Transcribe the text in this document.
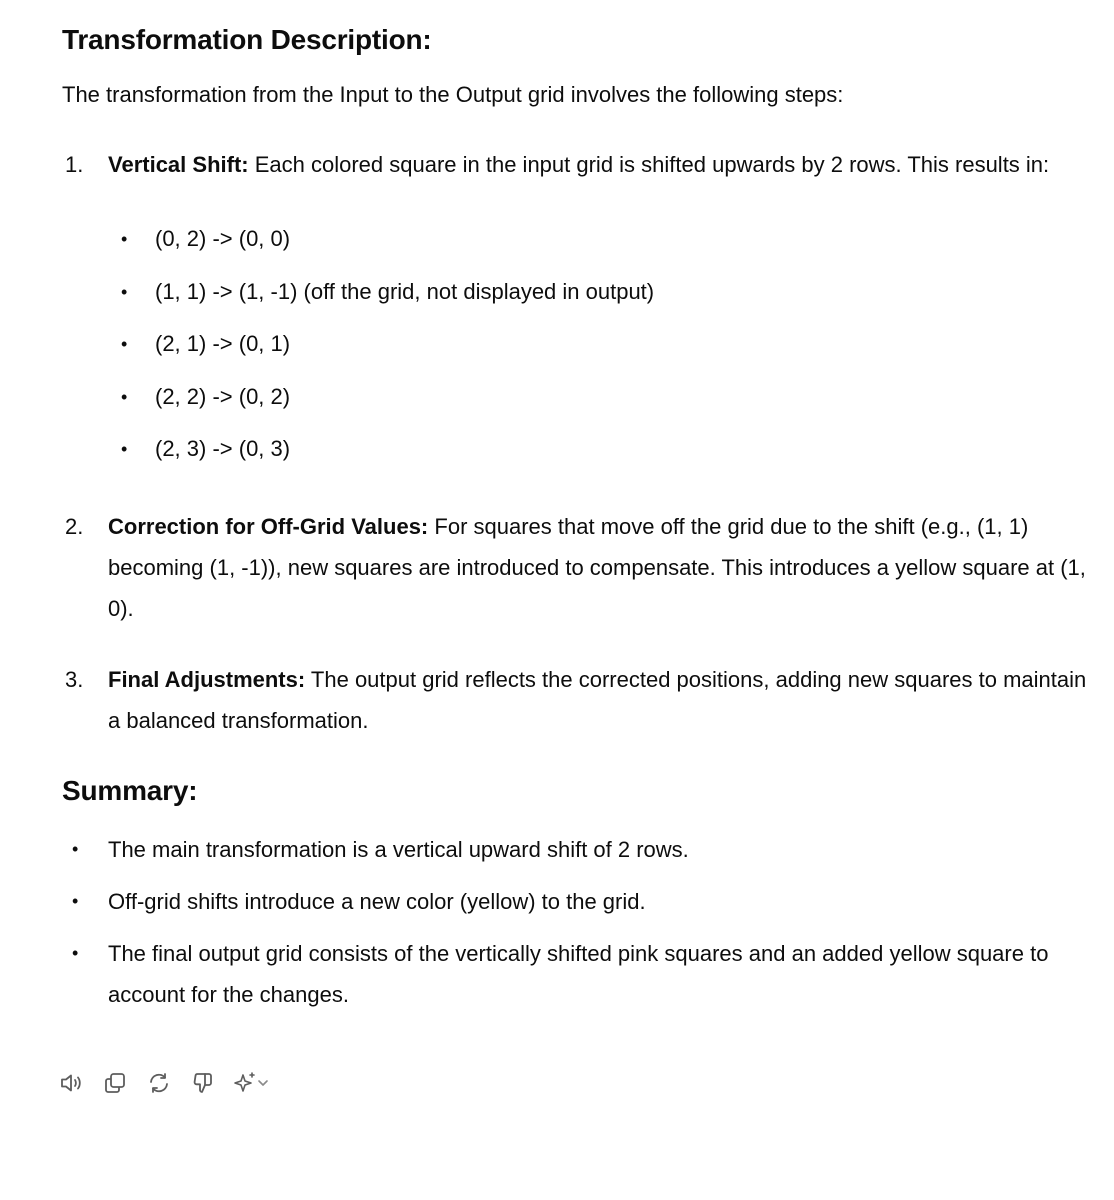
Transformation Description:

The transformation from the Input to the Output grid involves the following steps:

1.	Vertical Shift: Each colored square in the input grid is shifted upwards by 2 rows. This results in:
• (0, 2) -> (0, 0)
• (1, 1) -> (1, -1) (off the grid, not displayed in output)
• (2, 1) -> (0, 1)
• (2, 2) -> (0, 2)
• (2, 3) -> (0, 3)
2.	Correction for Off-Grid Values: For squares that move off the grid due to the shift (e.g., (1, 1) becoming (1, -1)), new squares are introduced to compensate. This introduces a yellow square at (1, 0).
3.	Final Adjustments: The output grid reflects the corrected positions, adding new squares to maintain a balanced transformation.
Summary:
• The main transformation is a vertical upward shift of 2 rows.
• Off-grid shifts introduce a new color (yellow) to the grid.
• The final output grid consists of the vertically shifted pink squares and an added yellow square to account for the changes.
